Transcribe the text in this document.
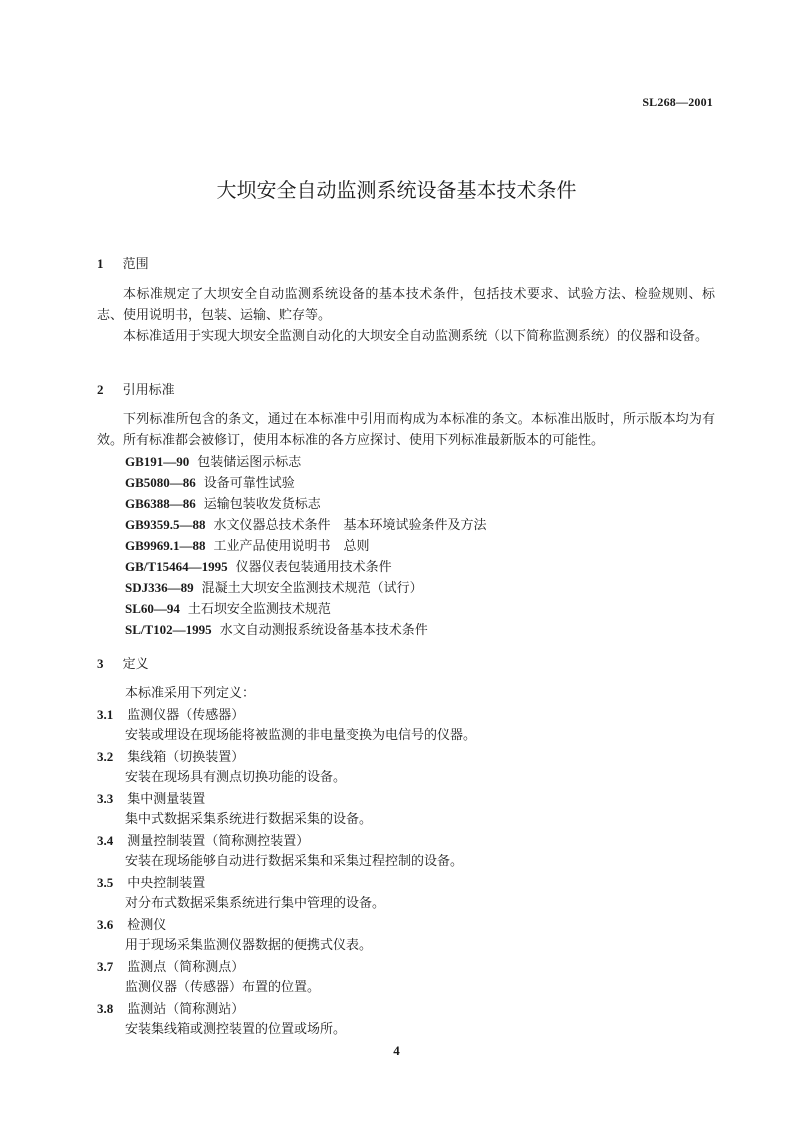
SL268—2001
大坝安全自动监测系统设备基本技术条件
1 范围
本标准规定了大坝安全自动监测系统设备的基本技术条件，包括技术要求、试验方法、检验规则、标志、使用说明书，包装、运输、贮存等。
本标准适用于实现大坝安全监测自动化的大坝安全自动监测系统（以下简称监测系统）的仪器和设备。
2 引用标准
下列标准所包含的条文，通过在本标准中引用而构成为本标准的条文。本标准出版时，所示版本均为有效。所有标准都会被修订，使用本标准的各方应探讨、使用下列标准最新版本的可能性。
GB191—90 包装储运图示标志
GB5080—86 设备可靠性试验
GB6388—86 运输包装收发货标志
GB9359.5—88 水文仪器总技术条件　基本环境试验条件及方法
GB9969.1—88 工业产品使用说明书　总则
GB/T15464—1995 仪器仪表包装通用技术条件
SDJ336—89 混凝土大坝安全监测技术规范（试行）
SL60—94 土石坝安全监测技术规范
SL/T102—1995 水文自动测报系统设备基本技术条件
3 定义
本标准采用下列定义：
3.1 监测仪器（传感器）
安装或埋设在现场能将被监测的非电量变换为电信号的仪器。
3.2 集线箱（切换装置）
安装在现场具有测点切换功能的设备。
3.3 集中测量装置
集中式数据采集系统进行数据采集的设备。
3.4 测量控制装置（简称测控装置）
安装在现场能够自动进行数据采集和采集过程控制的设备。
3.5 中央控制装置
对分布式数据采集系统进行集中管理的设备。
3.6 检测仪
用于现场采集监测仪器数据的便携式仪表。
3.7 监测点（简称测点）
监测仪器（传感器）布置的位置。
3.8 监测站（简称测站）
安装集线箱或测控装置的位置或场所。
4
